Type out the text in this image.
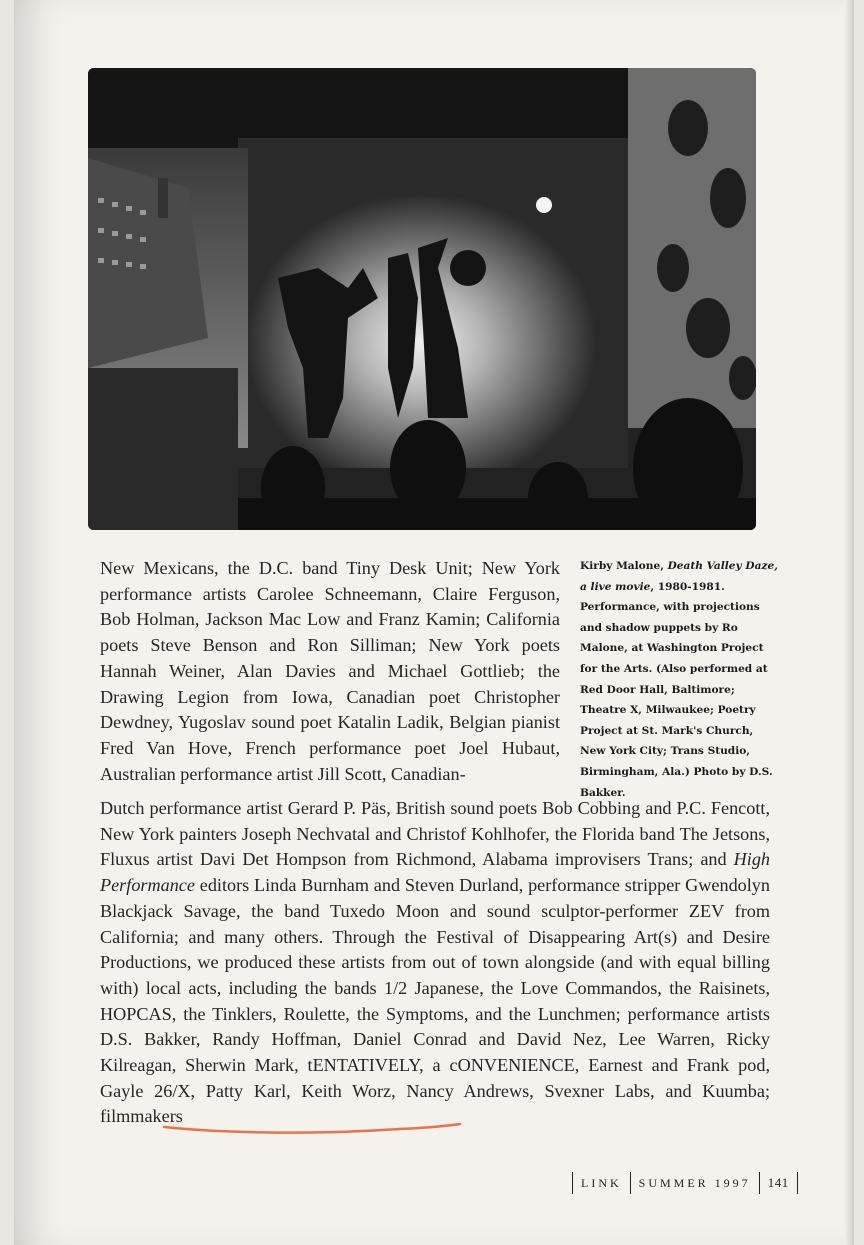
Kirby Malone, Death Valley Daze, a live movie, 1980-1981. Performance, with projections and shadow puppets by Ro Malone, at Washington Project for the Arts. (Also performed at Red Door Hall, Baltimore; Theatre X, Milwaukee; Poetry Project at St. Mark's Church, New York City; Trans Studio, Birmingham, Ala.) Photo by D.S. Bakker.

New Mexicans, the D.C. band Tiny Desk Unit; New York performance artists Carolee Schneemann, Claire Ferguson, Bob Holman, Jackson Mac Low and Franz Kamin; California poets Steve Benson and Ron Silliman; New York poets Hannah Weiner, Alan Davies and Michael Gottlieb; the Drawing Legion from Iowa, Canadian poet Christopher Dewdney, Yugoslav sound poet Katalin Ladik, Belgian pianist Fred Van Hove, French performance poet Joel Hubaut, Australian performance artist Jill Scott, Canadian-

Dutch performance artist Gerard P. Päs, British sound poets Bob Cobbing and P.C. Fencott, New York painters Joseph Nechvatal and Christof Kohlhofer, the Florida band The Jetsons, Fluxus artist Davi Det Hompson from Richmond, Alabama improvisers Trans; and High Performance editors Linda Burnham and Steven Durland, performance stripper Gwendolyn Blackjack Savage, the band Tuxedo Moon and sound sculptor-performer ZEV from California; and many others. Through the Festival of Disappearing Art(s) and Desire Productions, we produced these artists from out of town alongside (and with equal billing with) local acts, including the bands 1/2 Japanese, the Love Commandos, the Raisinets, HOPCAS, the Tinklers, Roulette, the Symptoms, and the Lunchmen; performance artists D.S. Bakker, Randy Hoffman, Daniel Conrad and David Nez, Lee Warren, Ricky Kilreagan, Sherwin Mark, tENTATIVELY, a cONVENIENCE, Earnest and Frank pod, Gayle 26/X, Patty Karl, Keith Worz, Nancy Andrews, Svexner Labs, and Kuumba; filmmakers

LINK SUMMER 1997 141
